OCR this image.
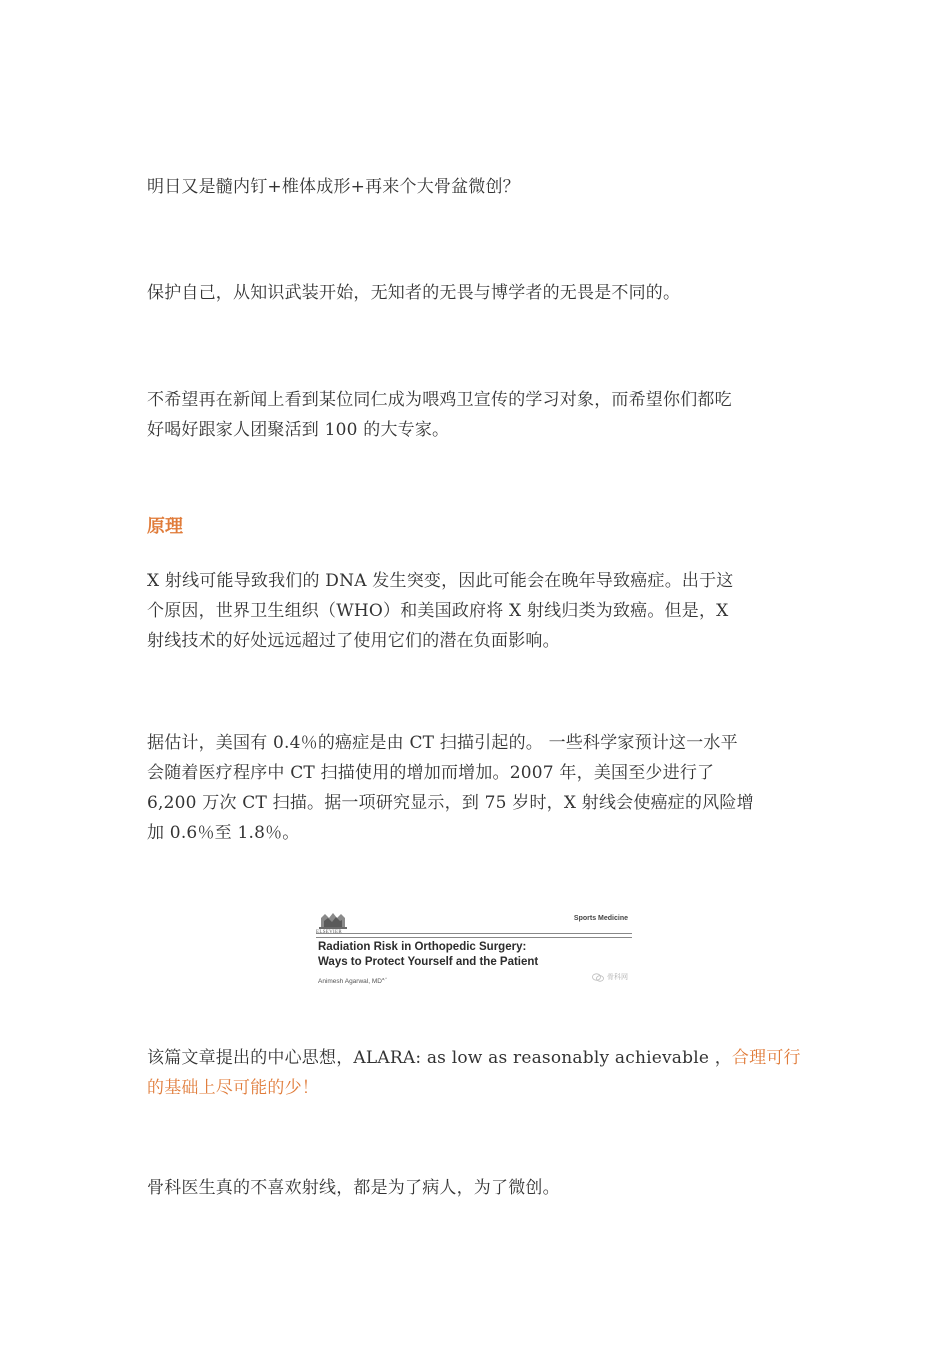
明日又是髓内钉+椎体成形+再来个大骨盆微创？

保护自己，从知识武装开始，无知者的无畏与博学者的无畏是不同的。

不希望再在新闻上看到某位同仁成为喂鸡卫宣传的学习对象，而希望你们都吃
好喝好跟家人团聚活到 100 的大专家。

原理

X 射线可能导致我们的 DNA 发生突变，因此可能会在晚年导致癌症。出于这
个原因，世界卫生组织（WHO）和美国政府将 X 射线归类为致癌。但是，X
射线技术的好处远远超过了使用它们的潜在负面影响。

据估计，美国有 0.4％的癌症是由 CT 扫描引起的。 一些科学家预计这一水平
会随着医疗程序中 CT 扫描使用的增加而增加。2007 年，美国至少进行了
6,200 万次 CT 扫描。据一项研究显示，到 75 岁时，X 射线会使癌症的风险增
加 0.6％至 1.8％。

Sports Medicine
Radiation Risk in Orthopedic Surgery:
Ways to Protect Yourself and the Patient
Animesh Agarwal, $MD^{a,*}$	骨科网

该篇文章提出的中心思想，ALARA: as low as reasonably achievable ，合理可行
的基础上尽可能的少！

骨科医生真的不喜欢射线，都是为了病人，为了微创。
